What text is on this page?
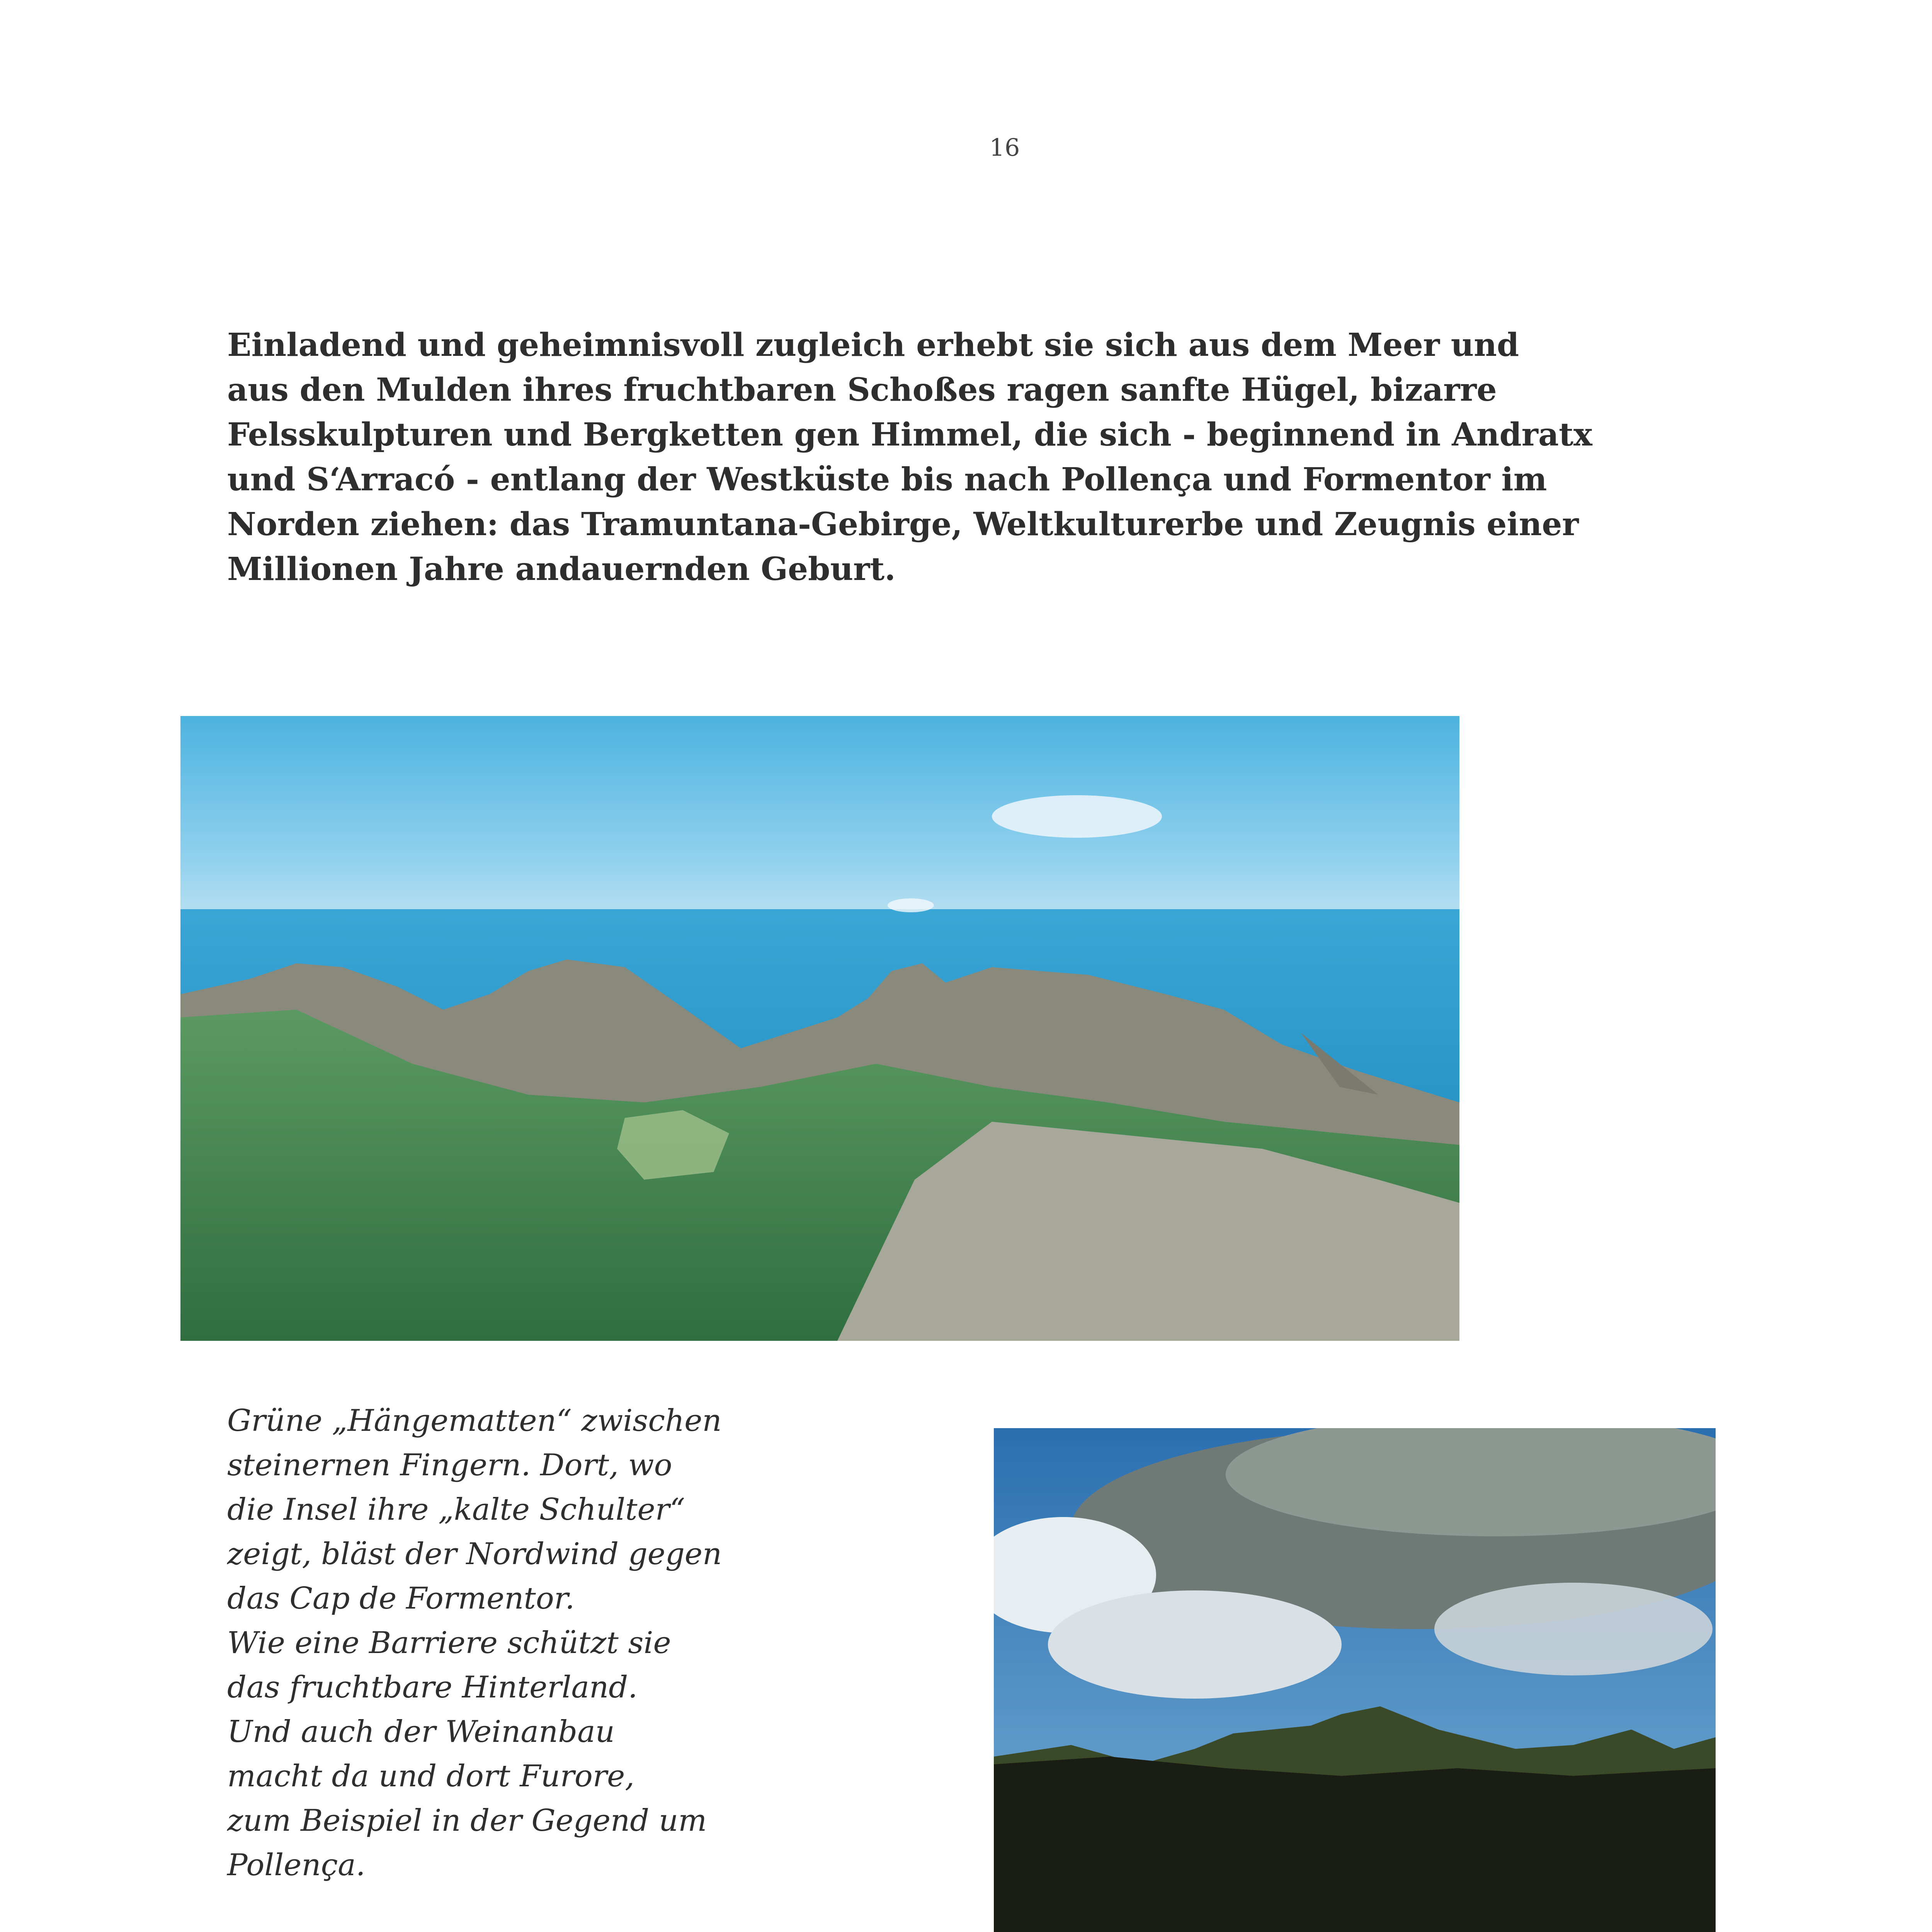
16
Einladend und geheimnisvoll zugleich erhebt sie sich aus dem Meer und
aus den Mulden ihres fruchtbaren Schoßes ragen sanfte Hügel, bizarre
Felsskulpturen und Bergketten gen Himmel, die sich - beginnend in Andratx
und S‘Arracó - entlang der Westküste bis nach Pollença und Formentor im
Norden ziehen: das Tramuntana-Gebirge, Weltkulturerbe und Zeugnis einer
Millionen Jahre andauernden Geburt.
Grüne „Hängematten“ zwischen
steinernen Fingern. Dort, wo
die Insel ihre „kalte Schulter“
zeigt, bläst der Nordwind gegen
das Cap de Formentor.
Wie eine Barriere schützt sie
das fruchtbare Hinterland.
Und auch der Weinanbau
macht da und dort Furore,
zum Beispiel in der Gegend um
Pollença.
